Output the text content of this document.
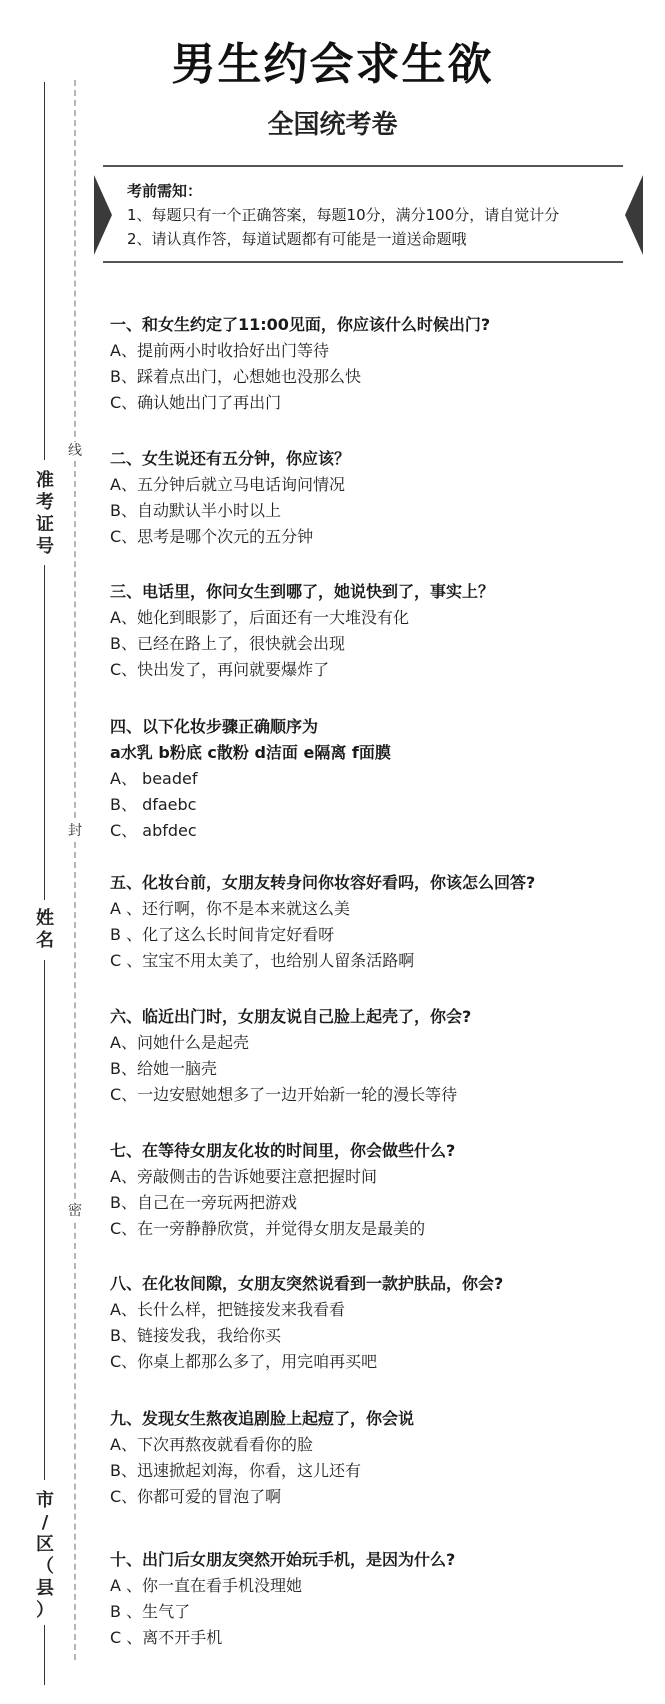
男生约会求生欲
全国统考卷
考前需知：
1、每题只有一个正确答案，每题10分，满分100分，请自觉计分
2、请认真作答，每道试题都有可能是一道送命题哦
准
考
证
号
姓
名
市
/
区
（
县
）
线
封
密
一、和女生约定了11:00见面，你应该什么时候出门?
A、提前两小时收拾好出门等待
B、踩着点出门，心想她也没那么快
C、确认她出门了再出门
二、女生说还有五分钟，你应该？
A、五分钟后就立马电话询问情况
B、自动默认半小时以上
C、思考是哪个次元的五分钟
三、电话里，你问女生到哪了，她说快到了，事实上？
A、她化到眼影了，后面还有一大堆没有化
B、已经在路上了，很快就会出现
C、快出发了，再问就要爆炸了
四、以下化妆步骤正确顺序为
a水乳 b粉底 c散粉 d洁面 e隔离 f面膜
A、 beadef
B、 dfaebc
C、 abfdec
五、化妆台前，女朋友转身问你妆容好看吗，你该怎么回答?
A 、还行啊，你不是本来就这么美
B 、化了这么长时间肯定好看呀
C 、宝宝不用太美了，也给别人留条活路啊
六、临近出门时，女朋友说自己脸上起壳了，你会?
A、问她什么是起壳
B、给她一脑壳
C、一边安慰她想多了一边开始新一轮的漫长等待
七、在等待女朋友化妆的时间里，你会做些什么?
A、旁敲侧击的告诉她要注意把握时间
B、自己在一旁玩两把游戏
C、在一旁静静欣赏，并觉得女朋友是最美的
八、在化妆间隙，女朋友突然说看到一款护肤品，你会?
A、长什么样，把链接发来我看看
B、链接发我，我给你买
C、你桌上都那么多了，用完咱再买吧
九、发现女生熬夜追剧脸上起痘了，你会说
A、下次再熬夜就看看你的脸
B、迅速掀起刘海，你看，这儿还有
C、你都可爱的冒泡了啊
十、出门后女朋友突然开始玩手机，是因为什么?
A 、你一直在看手机没理她
B 、生气了
C 、离不开手机
